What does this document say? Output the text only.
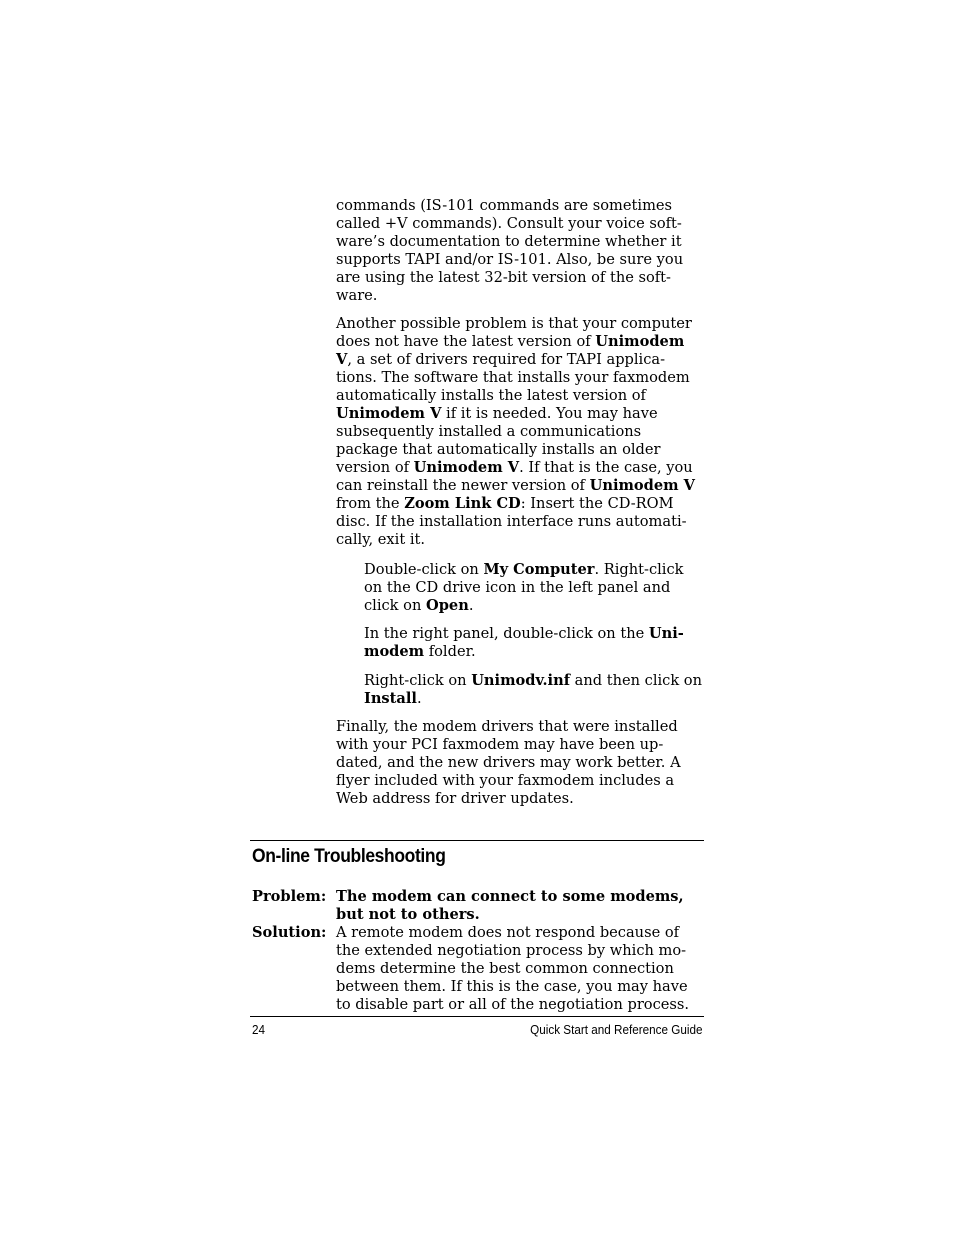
commands (IS-101 commands are sometimes called +V commands). Consult your voice soft-ware’s documentation to determine whether it supports TAPI and/or IS-101. Also, be sure you are using the latest 32-bit version of the soft-ware.

Another possible problem is that your computer does not have the latest version of Unimodem V, a set of drivers required for TAPI applica-tions. The software that installs your faxmodem automatically installs the latest version of Unimodem V if it is needed. You may have subsequently installed a communications package that automatically installs an older version of Unimodem V. If that is the case, you can reinstall the newer version of Unimodem V from the Zoom Link CD: Insert the CD-ROM disc. If the installation interface runs automati-cally, exit it.

Double-click on My Computer. Right-click on the CD drive icon in the left panel and click on Open.

In the right panel, double-click on the Uni-modem folder.

Right-click on Unimodv.inf and then click on Install.

Finally, the modem drivers that were installed with your PCI faxmodem may have been up-dated, and the new drivers may work better. A flyer included with your faxmodem includes a Web address for driver updates.

On-line Troubleshooting
Problem: The modem can connect to some modems, but not to others.

Solution: A remote modem does not respond because of the extended negotiation process by which mo-dems determine the best common connection between them. If this is the case, you may have to disable part or all of the negotiation process.

24	Quick Start and Reference Guide
